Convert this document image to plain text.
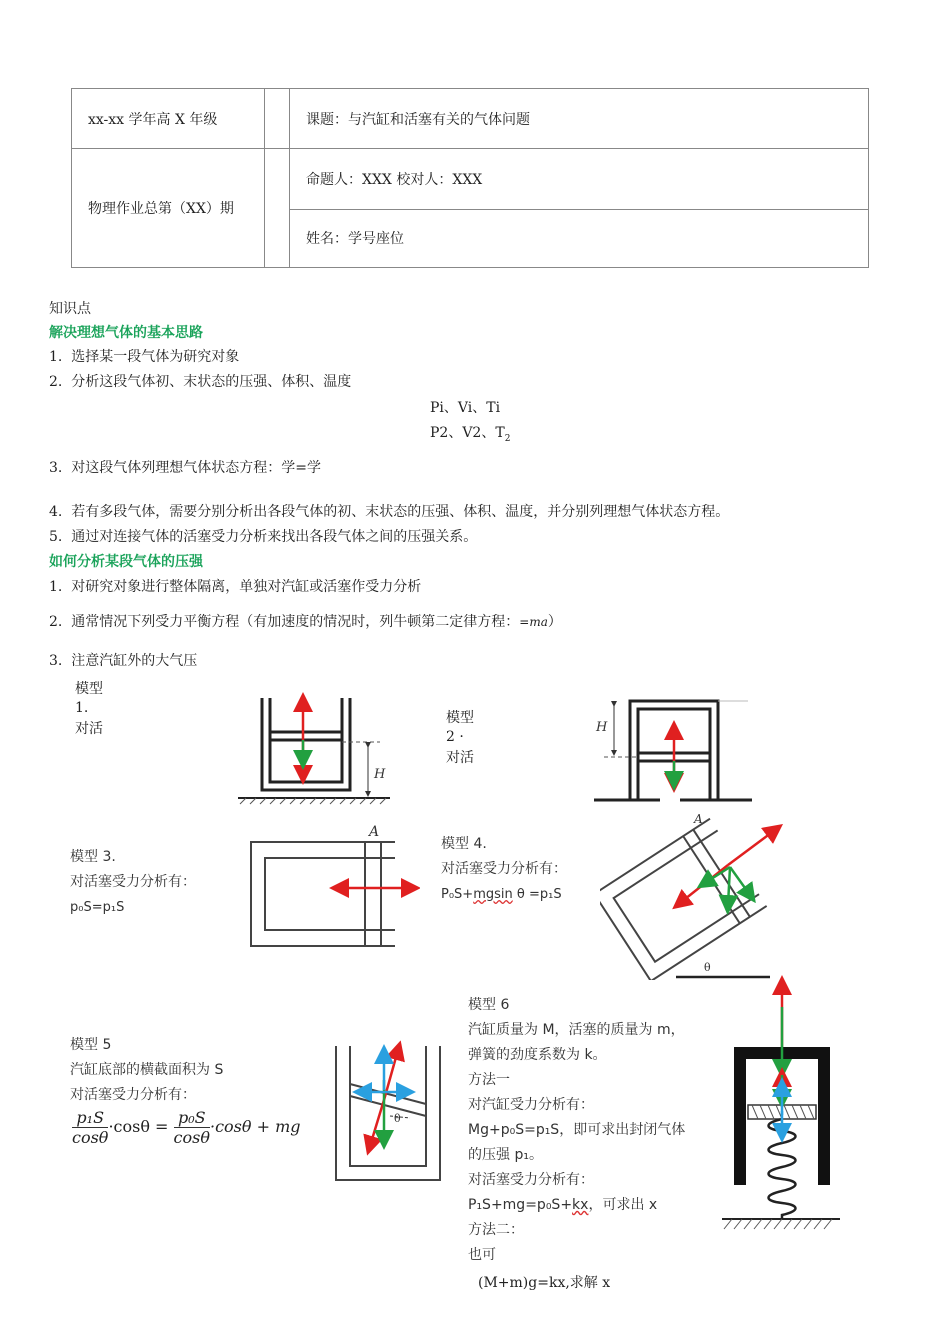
xx-xx 学年高 X 年级		课题：与汽缸和活塞有关的气体问题
物理作业总第（XX）期		命题人：XXX 校对人：XXX
		姓名：学号座位
知识点
解决理想气体的基本思路
1. 选择某一段气体为研究对象
2. 分析这段气体初、末状态的压强、体积、温度
Pi、Vi、Ti
P2、V2、$T_2$
3. 对这段气体列理想气体状态方程：学=学
4. 若有多段气体，需要分别分析出各段气体的初、末状态的压强、体积、温度，并分别列理想气体状态方程。
5. 通过对连接气体的活塞受力分析来找出各段气体之间的压强关系。
如何分析某段气体的压强
1. 对研究对象进行整体隔离，单独对汽缸或活塞作受力分析
2. 通常情况下列受力平衡方程（有加速度的情况时，列牛顿第二定律方程：=ma）
3. 注意汽缸外的大气压
模型
1.
对活
H
模型
2 ·
对活
H
模型 3.
对活塞受力分析有：
p₀S=p₁S
A
模型 4.
对活塞受力分析有：
P₀S+mgsin θ =p₁S
A
θ
模型 5
汽缸底部的横截面积为 S
对活塞受力分析有：
$\frac{\text{p₁S}}{\cos\theta} \cdot\cos\theta = \frac{\text{p₀S}}{\cos\theta} \cdot\cos\theta$ + mg	θ
模型 6
汽缸质量为 M，活塞的质量为 m，
弹簧的劲度系数为 k。
方法一
对汽缸受力分析有：
Mg+p₀S=p₁S，即可求出封闭气体
的压强 p₁。
对活塞受力分析有：
P₁S+mg=p₀S+kx，可求出 x
方法二：
也可
(M+m)g=kx,求解 x
